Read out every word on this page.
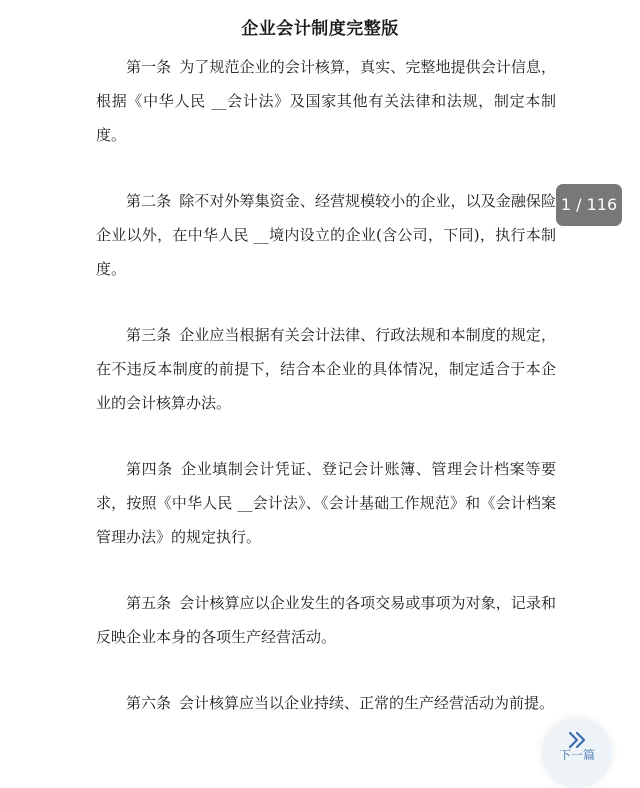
企业会计制度完整版

第一条 为了规范企业的会计核算，真实、完整地提供会计信息，根据《中华人民 __会计法》及国家其他有关法律和法规，制定本制度。

第二条 除不对外筹集资金、经营规模较小的企业，以及金融保险企业以外，在中华人民 __境内设立的企业(含公司，下同)，执行本制度。

第三条 企业应当根据有关会计法律、行政法规和本制度的规定，在不违反本制度的前提下，结合本企业的具体情况，制定适合于本企业的会计核算办法。

第四条 企业填制会计凭证、登记会计账簿、管理会计档案等要求，按照《中华人民 __会计法》、《会计基础工作规范》和《会计档案管理办法》的规定执行。

第五条 会计核算应以企业发生的各项交易或事项为对象，记录和反映企业本身的各项生产经营活动。

第六条 会计核算应当以企业持续、正常的生产经营活动为前提。

1 / 116
下一篇
